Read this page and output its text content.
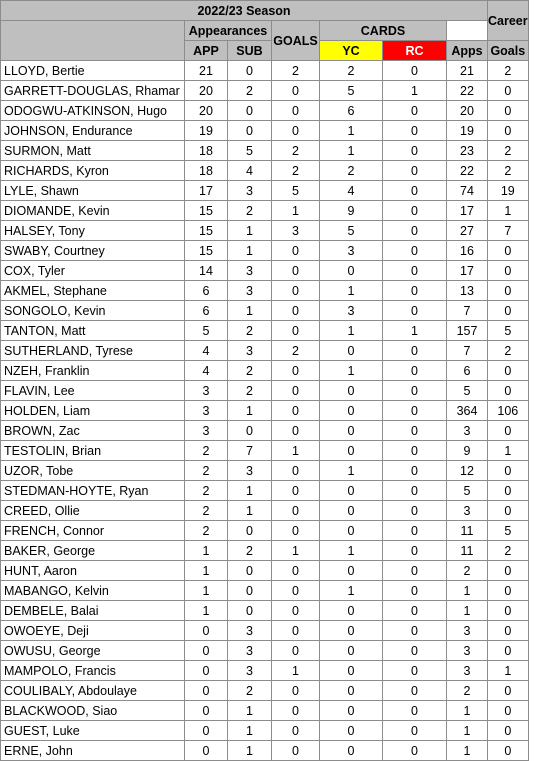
2022/23 Season							Career
	Appearances		GOALS	CARDS			
	APP	SUB		YC	RC	Apps	Goals
LLOYD, Bertie	21	0	2	2	0	21	2
GARRETT-DOUGLAS, Rhamar	20	2	0	5	1	22	0
ODOGWU-ATKINSON, Hugo	20	0	0	6	0	20	0
JOHNSON, Endurance	19	0	0	1	0	19	0
SURMON, Matt	18	5	2	1	0	23	2
RICHARDS, Kyron	18	4	2	2	0	22	2
LYLE, Shawn	17	3	5	4	0	74	19
DIOMANDE, Kevin	15	2	1	9	0	17	1
HALSEY, Tony	15	1	3	5	0	27	7
SWABY, Courtney	15	1	0	3	0	16	0
COX, Tyler	14	3	0	0	0	17	0
AKMEL, Stephane	6	3	0	1	0	13	0
SONGOLO, Kevin	6	1	0	3	0	7	0
TANTON, Matt	5	2	0	1	1	157	5
SUTHERLAND, Tyrese	4	3	2	0	0	7	2
NZEH, Franklin	4	2	0	1	0	6	0
FLAVIN, Lee	3	2	0	0	0	5	0
HOLDEN, Liam	3	1	0	0	0	364	106
BROWN, Zac	3	0	0	0	0	3	0
TESTOLIN, Brian	2	7	1	0	0	9	1
UZOR, Tobe	2	3	0	1	0	12	0
STEDMAN-HOYTE, Ryan	2	1	0	0	0	5	0
CREED, Ollie	2	1	0	0	0	3	0
FRENCH, Connor	2	0	0	0	0	11	5
BAKER, George	1	2	1	1	0	11	2
HUNT, Aaron	1	0	0	0	0	2	0
MABANGO, Kelvin	1	0	0	1	0	1	0
DEMBELE, Balai	1	0	0	0	0	1	0
OWOEYE, Deji	0	3	0	0	0	3	0
OWUSU, George	0	3	0	0	0	3	0
MAMPOLO, Francis	0	3	1	0	0	3	1
COULIBALY, Abdoulaye	0	2	0	0	0	2	0
BLACKWOOD, Siao	0	1	0	0	0	1	0
GUEST, Luke	0	1	0	0	0	1	0
ERNE, John	0	1	0	0	0	1	0
